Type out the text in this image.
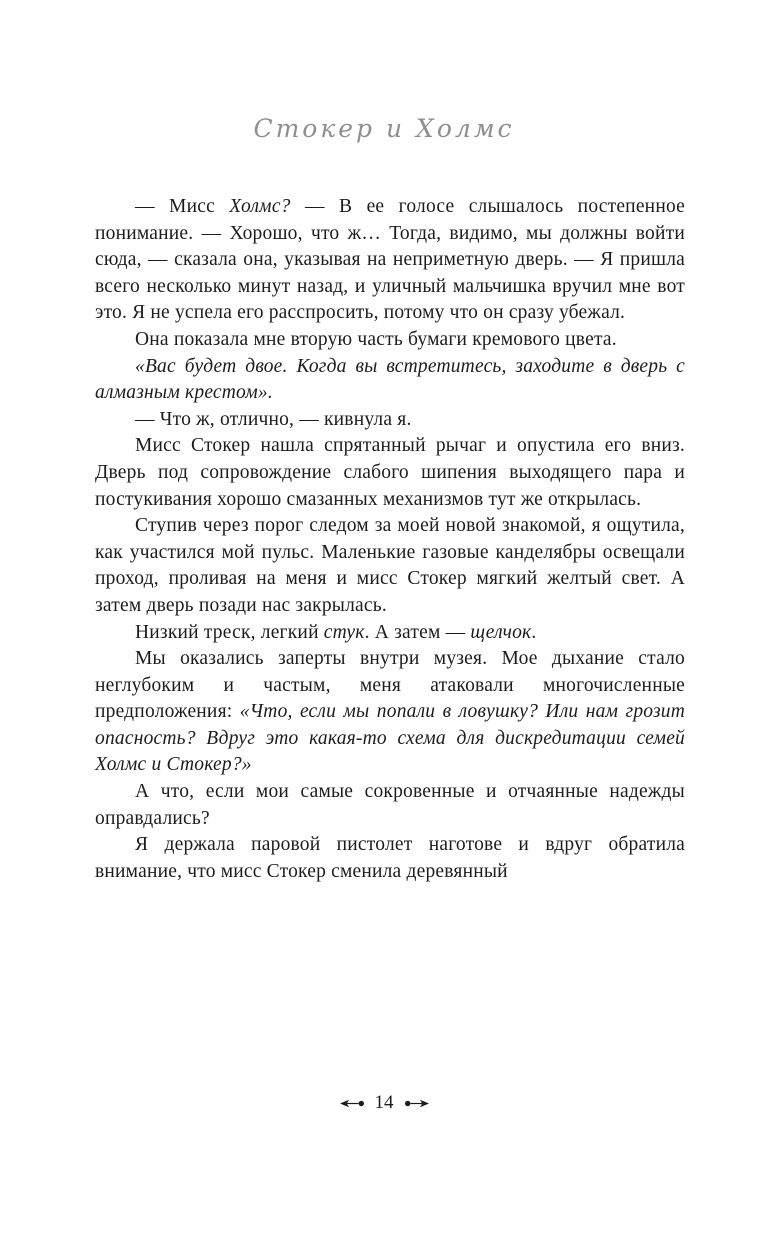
Стокер и Холмс

— Мисс Холмс? — В ее голосе слышалось постепенное понимание. — Хорошо, что ж… Тогда, видимо, мы должны войти сюда, — сказала она, указывая на неприметную дверь. — Я пришла всего несколько минут назад, и уличный мальчишка вручил мне вот это. Я не успела его расспросить, потому что он сразу убежал.

Она показала мне вторую часть бумаги кремового цвета.

«Вас будет двое. Когда вы встретитесь, заходите в дверь с алмазным крестом».

— Что ж, отлично, — кивнула я.

Мисс Стокер нашла спрятанный рычаг и опустила его вниз. Дверь под сопровождение слабого шипения выходящего пара и постукивания хорошо смазанных механизмов тут же открылась.

Ступив через порог следом за моей новой знакомой, я ощутила, как участился мой пульс. Маленькие газовые канделябры освещали проход, проливая на меня и мисс Стокер мягкий желтый свет. А затем дверь позади нас закрылась.

Низкий треск, легкий стук. А затем — щелчок.

Мы оказались заперты внутри музея. Мое дыхание стало неглубоким и частым, меня атаковали многочисленные предположения: «Что, если мы попали в ловушку? Или нам грозит опасность? Вдруг это какая-то схема для дискредитации семей Холмс и Стокер?»

А что, если мои самые сокровенные и отчаянные надежды оправдались?

Я держала паровой пистолет наготове и вдруг обратила внимание, что мисс Стокер сменила деревянный

14
